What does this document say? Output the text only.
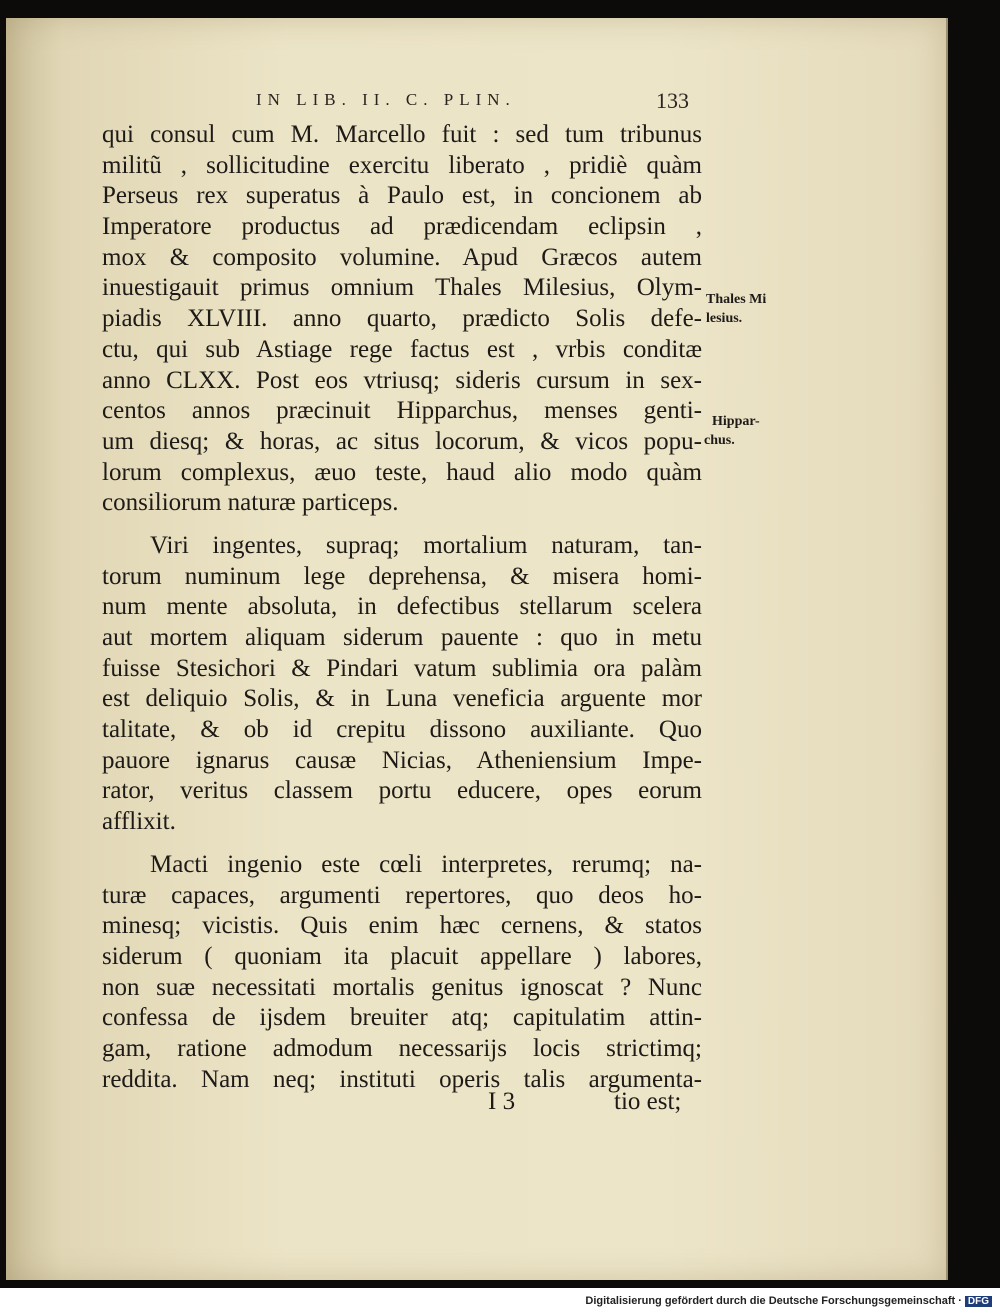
IN LIB. II. C. PLIN.	133
qui consul cum M. Marcello fuit : sed tum tribunus
militũ , sollicitudine exercitu liberato , pridiè quàm
Perseus rex superatus à Paulo est, in concionem ab
Imperatore productus ad prædicendam eclipsin ,
mox & composito volumine. Apud Græcos autem
inuestigauit primus omnium Thales Milesius, Olym-
piadis XLVIII. anno quarto, prædicto Solis defe-
ctu, qui sub Astiage rege factus est , vrbis conditæ
anno CLXX. Post eos vtriusq; sideris cursum in sex-
centos annos præcinuit Hipparchus, menses genti-
um diesq; & horas, ac situs locorum, & vicos popu-
lorum complexus, æuo teste, haud alio modo quàm
consiliorum naturæ particeps.
Viri ingentes, supraq; mortalium naturam, tan-
torum numinum lege deprehensa, & misera homi-
num mente absoluta, in defectibus stellarum scelera
aut mortem aliquam siderum pauente : quo in metu
fuisse Stesichori & Pindari vatum sublimia ora palàm
est deliquio Solis, & in Luna veneficia arguente mor
talitate, & ob id crepitu dissono auxiliante. Quo
pauore ignarus causæ Nicias, Atheniensium Impe-
rator, veritus classem portu educere, opes eorum
afflixit.
Macti ingenio este cœli interpretes, rerumq; na-
turæ capaces, argumenti repertores, quo deos ho-
minesq; vicistis. Quis enim hæc cernens, & statos
siderum ( quoniam ita placuit appellare ) labores,
non suæ necessitati mortalis genitus ignoscat ? Nunc
confessa de ijsdem breuiter atq; capitulatim attin-
gam, ratione admodum necessarijs locis strictimq;
reddita. Nam neq; instituti operis talis argumenta-
Thales Mi
lesius.
Hippar-
chus.
I 3	tio est;
Digitalisierung gefördert durch die Deutsche Forschungsgemeinschaft · DFG
